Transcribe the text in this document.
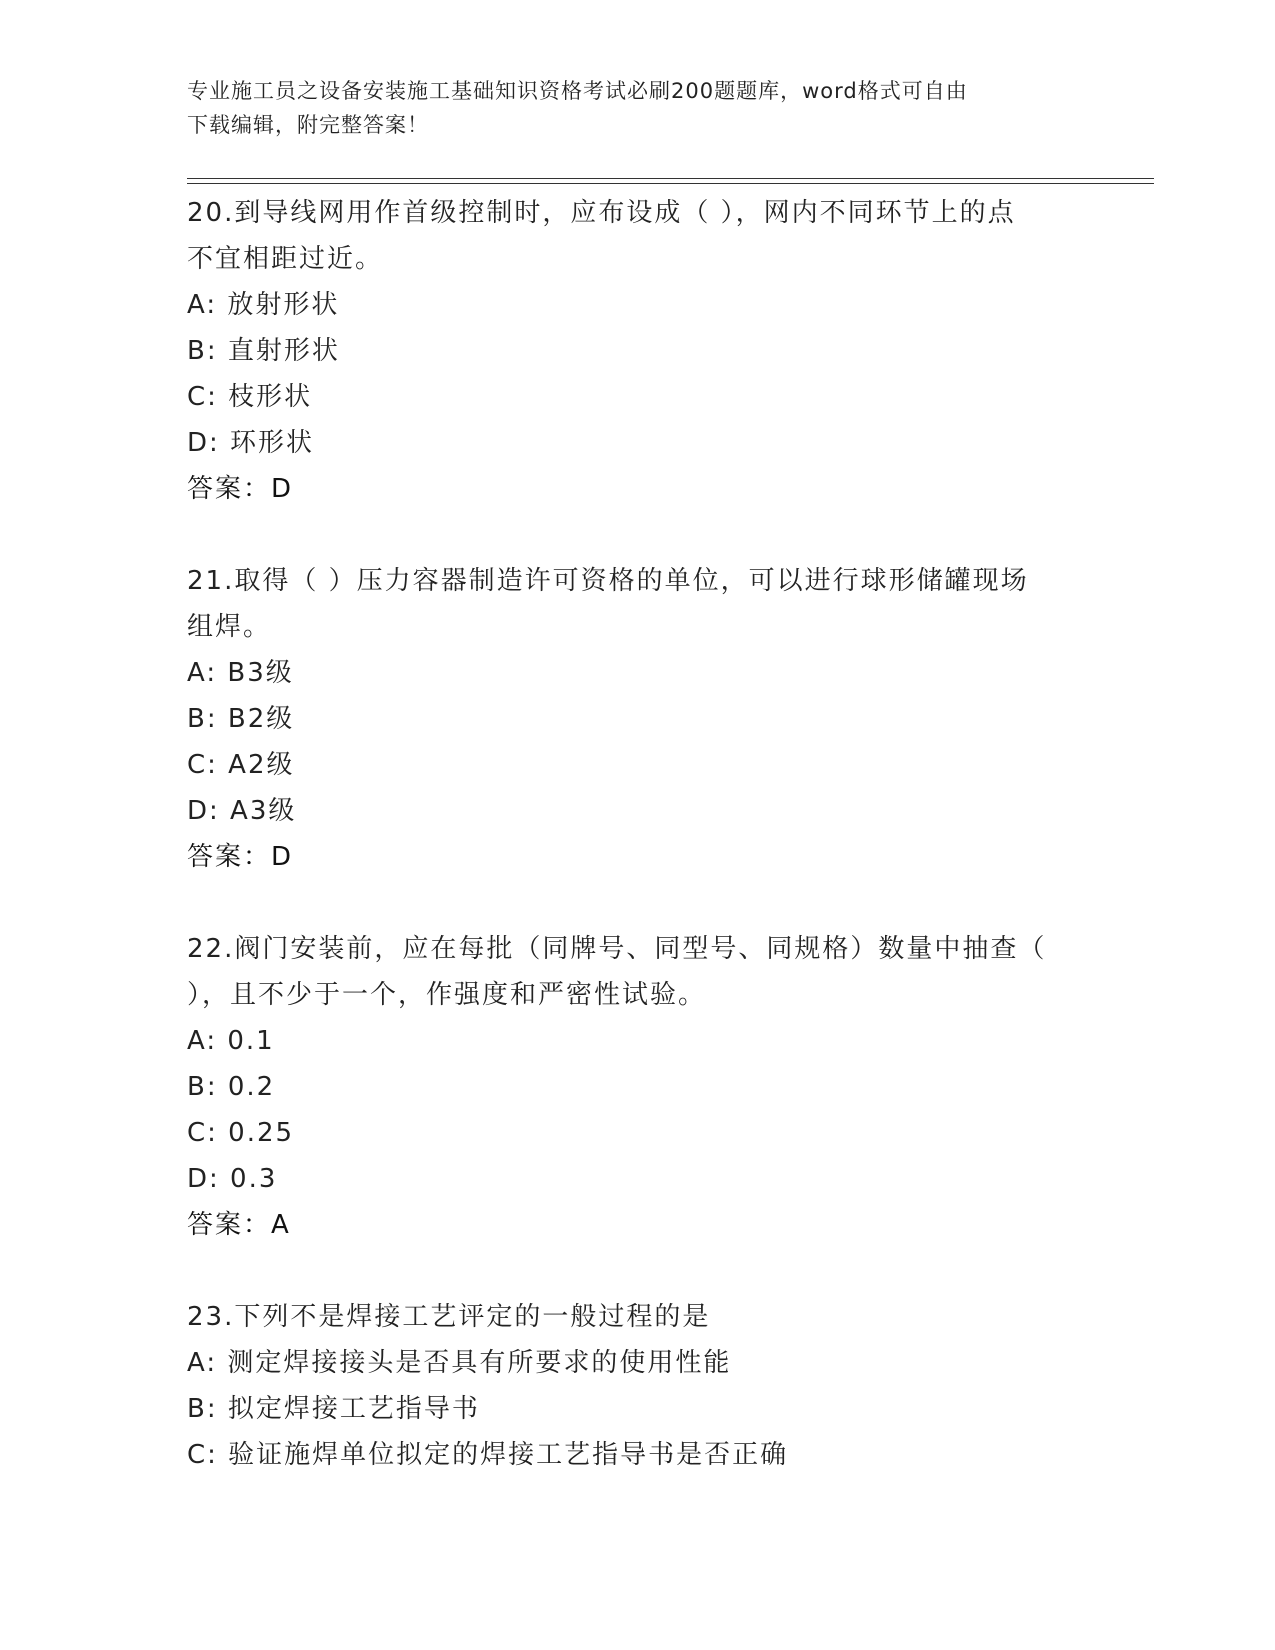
专业施工员之设备安装施工基础知识资格考试必刷200题题库，word格式可自由
下载编辑，附完整答案！

20.到导线网用作首级控制时，应布设成（ ），网内不同环节上的点

不宜相距过近。

A: 放射形状

B: 直射形状

C: 枝形状

D: 环形状

答案：D

21.取得（ ）压力容器制造许可资格的单位，可以进行球形储罐现场

组焊。

A: B3级

B: B2级

C: A2级

D: A3级

答案：D

22.阀门安装前，应在每批（同牌号、同型号、同规格）数量中抽查（

），且不少于一个，作强度和严密性试验。

A: 0.1

B: 0.2

C: 0.25

D: 0.3

答案：A

23.下列不是焊接工艺评定的一般过程的是

A: 测定焊接接头是否具有所要求的使用性能

B: 拟定焊接工艺指导书

C: 验证施焊单位拟定的焊接工艺指导书是否正确
